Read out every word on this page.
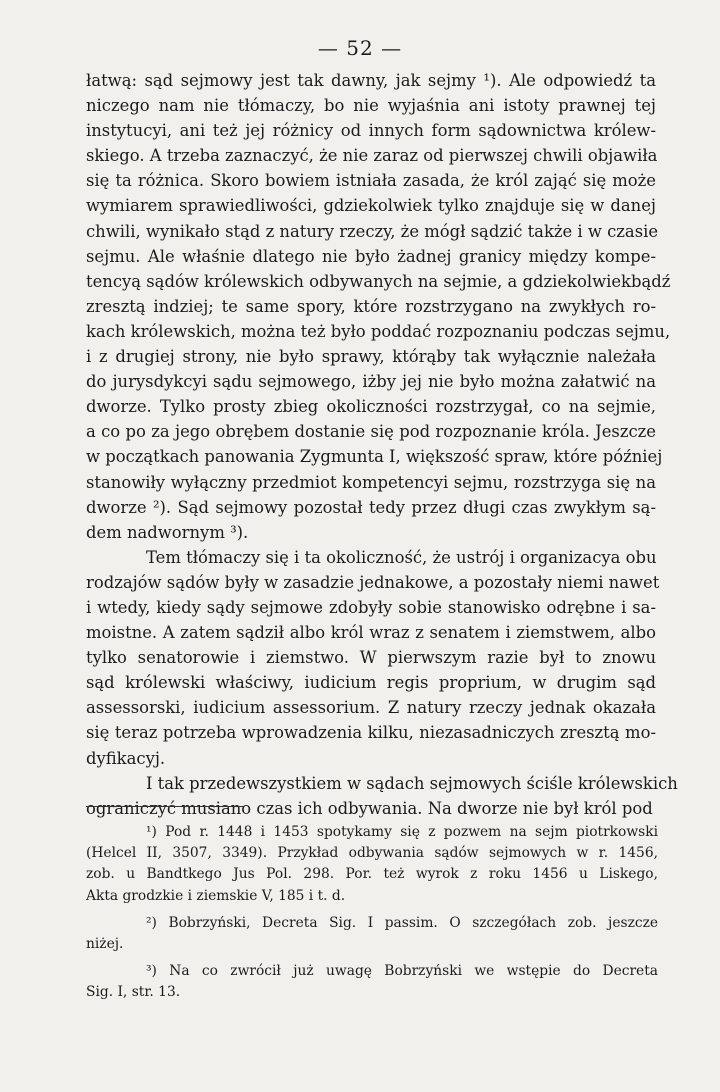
— 52 —
łatwą: sąd sejmowy jest tak dawny, jak sejmy ¹). Ale odpowiedź ta
niczego nam nie tłómaczy, bo nie wyjaśnia ani istoty prawnej tej
instytucyi, ani też jej różnicy od innych form sądownictwa królew-
skiego. A trzeba zaznaczyć, że nie zaraz od pierwszej chwili objawiła
się ta różnica. Skoro bowiem istniała zasada, że król zająć się może
wymiarem sprawiedliwości, gdziekolwiek tylko znajduje się w danej
chwili, wynikało stąd z natury rzeczy, że mógł sądzić także i w czasie
sejmu. Ale właśnie dlatego nie było żadnej granicy między kompe-
tencyą sądów królewskich odbywanych na sejmie, a gdziekolwiekbądź
zresztą indziej; te same spory, które rozstrzygano na zwykłych ro-
kach królewskich, można też było poddać rozpoznaniu podczas sejmu,
i z drugiej strony, nie było sprawy, którąby tak wyłącznie należała
do jurysdykcyi sądu sejmowego, iżby jej nie było można załatwić na
dworze. Tylko prosty zbieg okoliczności rozstrzygał, co na sejmie,
a co po za jego obrębem dostanie się pod rozpoznanie króla. Jeszcze
w początkach panowania Zygmunta I, większość spraw, które później
stanowiły wyłączny przedmiot kompetencyi sejmu, rozstrzyga się na
dworze ²). Sąd sejmowy pozostał tedy przez długi czas zwykłym są-
dem nadwornym ³).
Tem tłómaczy się i ta okoliczność, że ustrój i organizacya obu
rodzajów sądów były w zasadzie jednakowe, a pozostały niemi nawet
i wtedy, kiedy sądy sejmowe zdobyły sobie stanowisko odrębne i sa-
moistne. A zatem sądził albo król wraz z senatem i ziemstwem, albo
tylko senatorowie i ziemstwo. W pierwszym razie był to znowu
sąd królewski właściwy, iudicium regis proprium, w drugim sąd
assessorski, iudicium assessorium. Z natury rzeczy jednak okazała
się teraz potrzeba wprowadzenia kilku, niezasadniczych zresztą mo-
dyfikacyj.
I tak przedewszystkiem w sądach sejmowych ściśle królewskich
ograniczyć musiano czas ich odbywania. Na dworze nie był król pod
¹) Pod r. 1448 i 1453 spotykamy się z pozwem na sejm piotrkowski
(Helcel II, 3507, 3349). Przykład odbywania sądów sejmowych w r. 1456,
zob. u Bandtkego Jus Pol. 298. Por. też wyrok z roku 1456 u Liskego,
Akta grodzkie i ziemskie V, 185 i t. d.
²) Bobrzyński, Decreta Sig. I passim. O szczegółach zob. jeszcze
niżej.
³) Na co zwrócił już uwagę Bobrzyński we wstępie do Decreta
Sig. I, str. 13.
